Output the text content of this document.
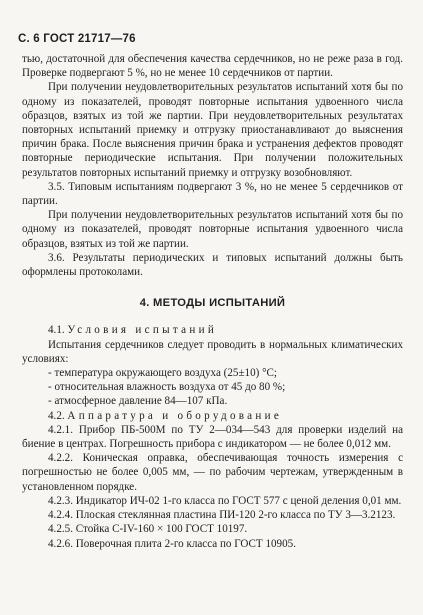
С. 6 ГОСТ 21717—76

тью, достаточной для обеспечения качества сердечников, но не реже раза в год. Проверке подвергают 5 %, но не менее 10 сердечников от партии.

При получении неудовлетворительных результатов испытаний хотя бы по одному из показателей, проводят повторные испытания удвоенного числа образцов, взятых из той же партии. При неудовлетворительных результатах повторных испытаний приемку и отгрузку приостанавливают до выяснения причин брака. После выяснения причин брака и устранения дефектов проводят повторные периодические испытания. При получении положительных результатов повторных испытаний приемку и отгрузку возобновляют.

3.5. Типовым испытаниям подвергают 3 %, но не менее 5 сердечников от партии.

При получении неудовлетворительных результатов испытаний хотя бы по одному из показателей, проводят повторные испытания удвоенного числа образцов, взятых из той же партии.

3.6. Результаты периодических и типовых испытаний должны быть оформлены протоколами.

4. МЕТОДЫ ИСПЫТАНИЙ

4.1. Условия испытаний

Испытания сердечников следует проводить в нормальных климатических условиях:

- температура окружающего воздуха (25±10) °C;

- относительная влажность воздуха от 45 до 80 %;

- атмосферное давление 84—107 кПа.

4.2. Аппаратура и оборудование

4.2.1. Прибор ПБ-500М по ТУ 2—034—543 для проверки изделий на биение в центрах. Погрешность прибора с индикатором — не более 0,012 мм.

4.2.2. Коническая оправка, обеспечивающая точность измерения с погрешностью не более 0,005 мм, — по рабочим чертежам, утвержденным в установленном порядке.

4.2.3. Индикатор ИЧ-02 1-го класса по ГОСТ 577 с ценой деления 0,01 мм.

4.2.4. Плоская стеклянная пластина ПИ-120 2-го класса по ТУ 3—3.2123.

4.2.5. Стойка С-IV-160 × 100 ГОСТ 10197.

4.2.6. Поверочная плита 2-го класса по ГОСТ 10905.
